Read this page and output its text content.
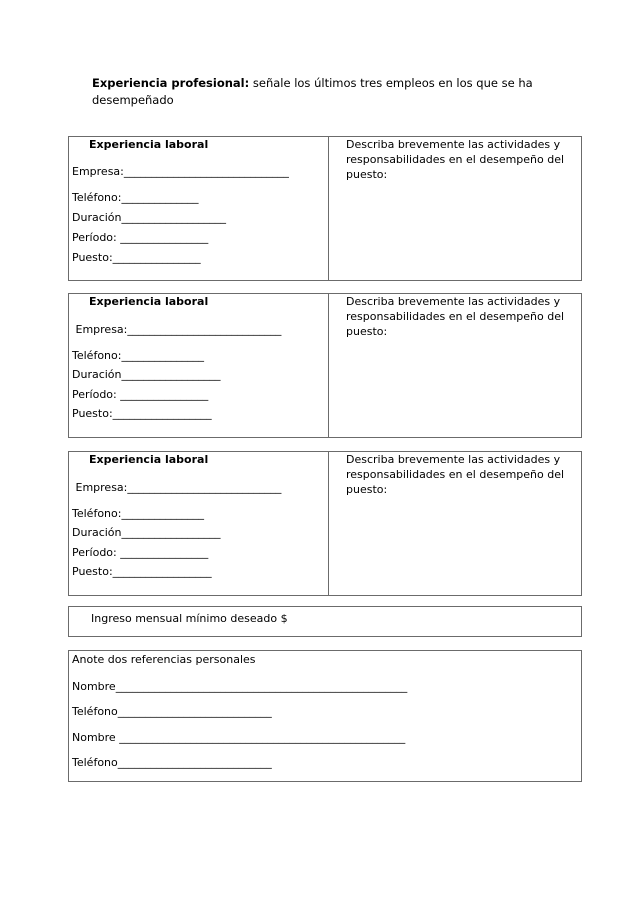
Experiencia profesional: señale los últimos tres empleos en los que se ha desempeñado
Experiencia laboral
Empresa:______________________________
Teléfono:______________
Duración___________________
Período: ________________
Puesto:________________
Describa brevemente las actividades y responsabilidades en el desempeño del puesto:
Experiencia laboral
Empresa:____________________________
Teléfono:_______________
Duración__________________
Período: ________________
Puesto:__________________
Describa brevemente las actividades y responsabilidades en el desempeño del puesto:
Experiencia laboral
Empresa:____________________________
Teléfono:_______________
Duración__________________
Período: ________________
Puesto:__________________
Describa brevemente las actividades y responsabilidades en el desempeño del puesto:
Ingreso mensual mínimo deseado $
Anote dos referencias personales
Nombre_____________________________________________________
Teléfono____________________________
Nombre ____________________________________________________
Teléfono____________________________
